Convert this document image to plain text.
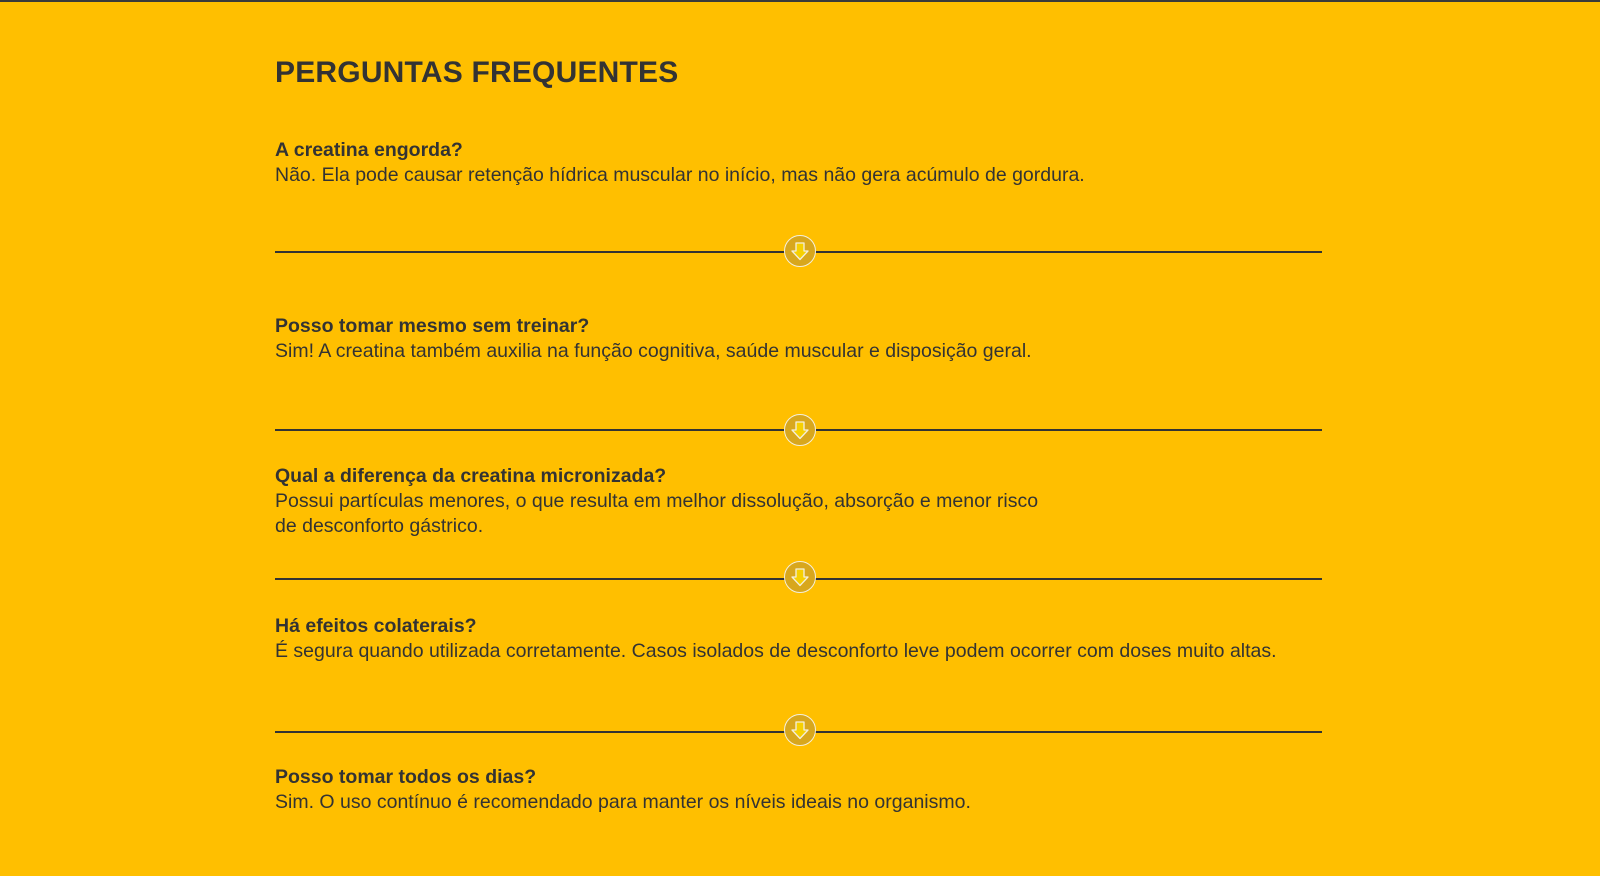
PERGUNTAS FREQUENTES

A creatina engorda?

Não. Ela pode causar retenção hídrica muscular no início, mas não gera acúmulo de gordura.

Posso tomar mesmo sem treinar?

Sim! A creatina também auxilia na função cognitiva, saúde muscular e disposição geral.

Qual a diferença da creatina micronizada?

Possui partículas menores, o que resulta em melhor dissolução, absorção e menor risco
de desconforto gástrico.

Há efeitos colaterais?

É segura quando utilizada corretamente. Casos isolados de desconforto leve podem ocorrer com doses muito altas.

Posso tomar todos os dias?

Sim. O uso contínuo é recomendado para manter os níveis ideais no organismo.
